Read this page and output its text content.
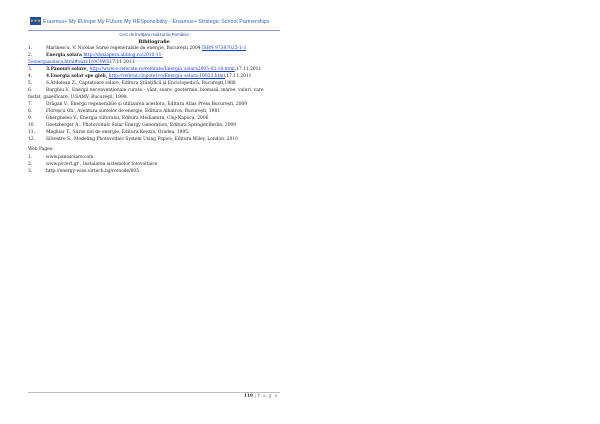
★★★ Erasmus+ My EUrope My FUture My RESponsibility - Erasmus+ Strategic School Partnerships
Cerc de învăţare realizat de România
Bibliografie
1.	Marinescu, V. Nicolae Surse regenerabile de energie, Bucureşti 2004 ISBN 97387025-1-3
2.	Energia solara http://doxiapera.abblog.ro/2010-11-
5/energiasolara.html#axzz1c0C4WS17.11.2011
3.	3.Panouri solare, http://www.e-referate.ro/referate/Energia_solara2005-03-18.html,17.11.2011
4.	4.Energia solar spe glob, http://referat.clopotel.ro/Energia_solara-10823.html,17.11.2011
5.	S.Ardelean Z., Captatoare solare, Editura Ştiinţifică şi Enciclopedică, Bucureşti,1988
6.	Burghiu V., Energii neconvenţionale curate – vânt, soare, geotermie, biomasă, maree, valuri, care
fosfat, gazeificare, U.SAMV, Bucureşti, 1998.
7.	Drăgan V., Energii regenerabile şi utilizarea acestora, Editura Atlas Press,Bucureşti, 2009
8.	Florescu Gh., Aventura surselor de energie, Editura Albatros, Bucureşti, 1981
9.	Gherghelea V., Energia viitorului, Editura Mediamira, Cluj-Napoca, 2006
10.	Goetzberger A., Photovoltaic Solar Energy Generation, Editura Springer,Berlin, 2009
11.	Maghiar T., Surse noi de energie, Editura Keyzzs, Oradea, 1995.
12.	Silvestre S., Modeling Photovoltaic System Using Pspice, Editura Wiley, London, 2010
Web Pages:
1.	www.panosolare.com
2.	www.pvcert.gr , Instalarea sistemelor fotovoltaice
3.	http://energy-wise.virtech.bg/ro/node/805
119 | P a g e
